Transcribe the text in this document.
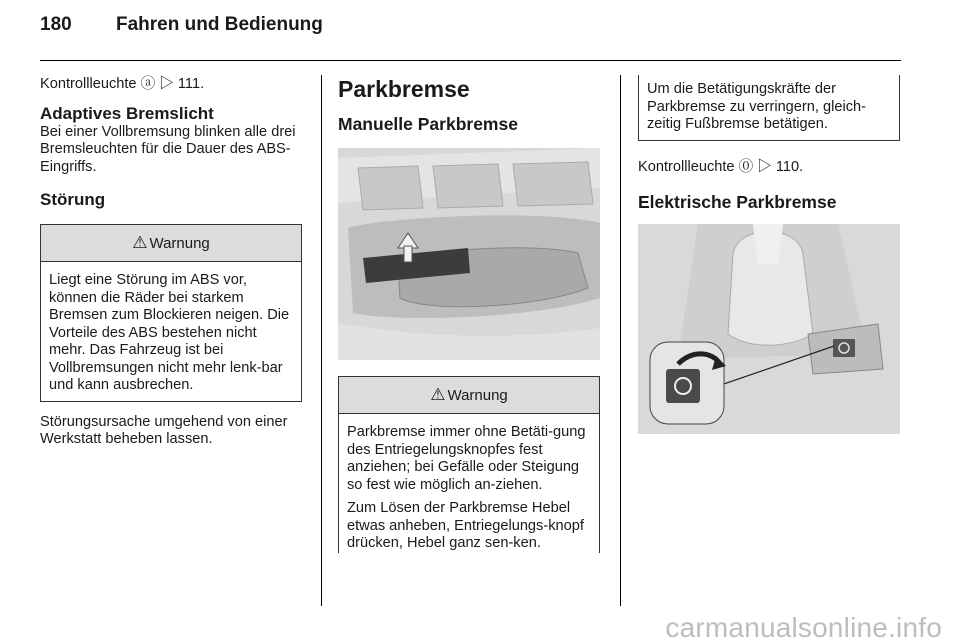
180 Fahren und Bedienung

Kontrollleuchte ⓐ ▷ 111.

Adaptives Bremslicht

Bei einer Vollbremsung blinken alle drei Bremsleuchten für die Dauer des ABS-Eingriffs.

Störung
⚠ Warnung

Liegt eine Störung im ABS vor, können die Räder bei starkem Bremsen zum Blockieren neigen. Die Vorteile des ABS bestehen nicht mehr. Das Fahrzeug ist bei Vollbremsungen nicht mehr lenk-bar und kann ausbrechen.

Störungsursache umgehend von einer Werkstatt beheben lassen.

Parkbremse
Manuelle Parkbremse
⚠ Warnung

Parkbremse immer ohne Betäti-gung des Entriegelungsknopfes fest anziehen; bei Gefälle oder Steigung so fest wie möglich an-ziehen.

Zum Lösen der Parkbremse Hebel etwas anheben, Entriegelungs-knopf drücken, Hebel ganz sen-ken.

Um die Betätigungskräfte der Parkbremse zu verringern, gleich-zeitig Fußbremse betätigen.

Kontrollleuchte ⓪ ▷ 110.

Elektrische Parkbremse
carmanualsonline.info
